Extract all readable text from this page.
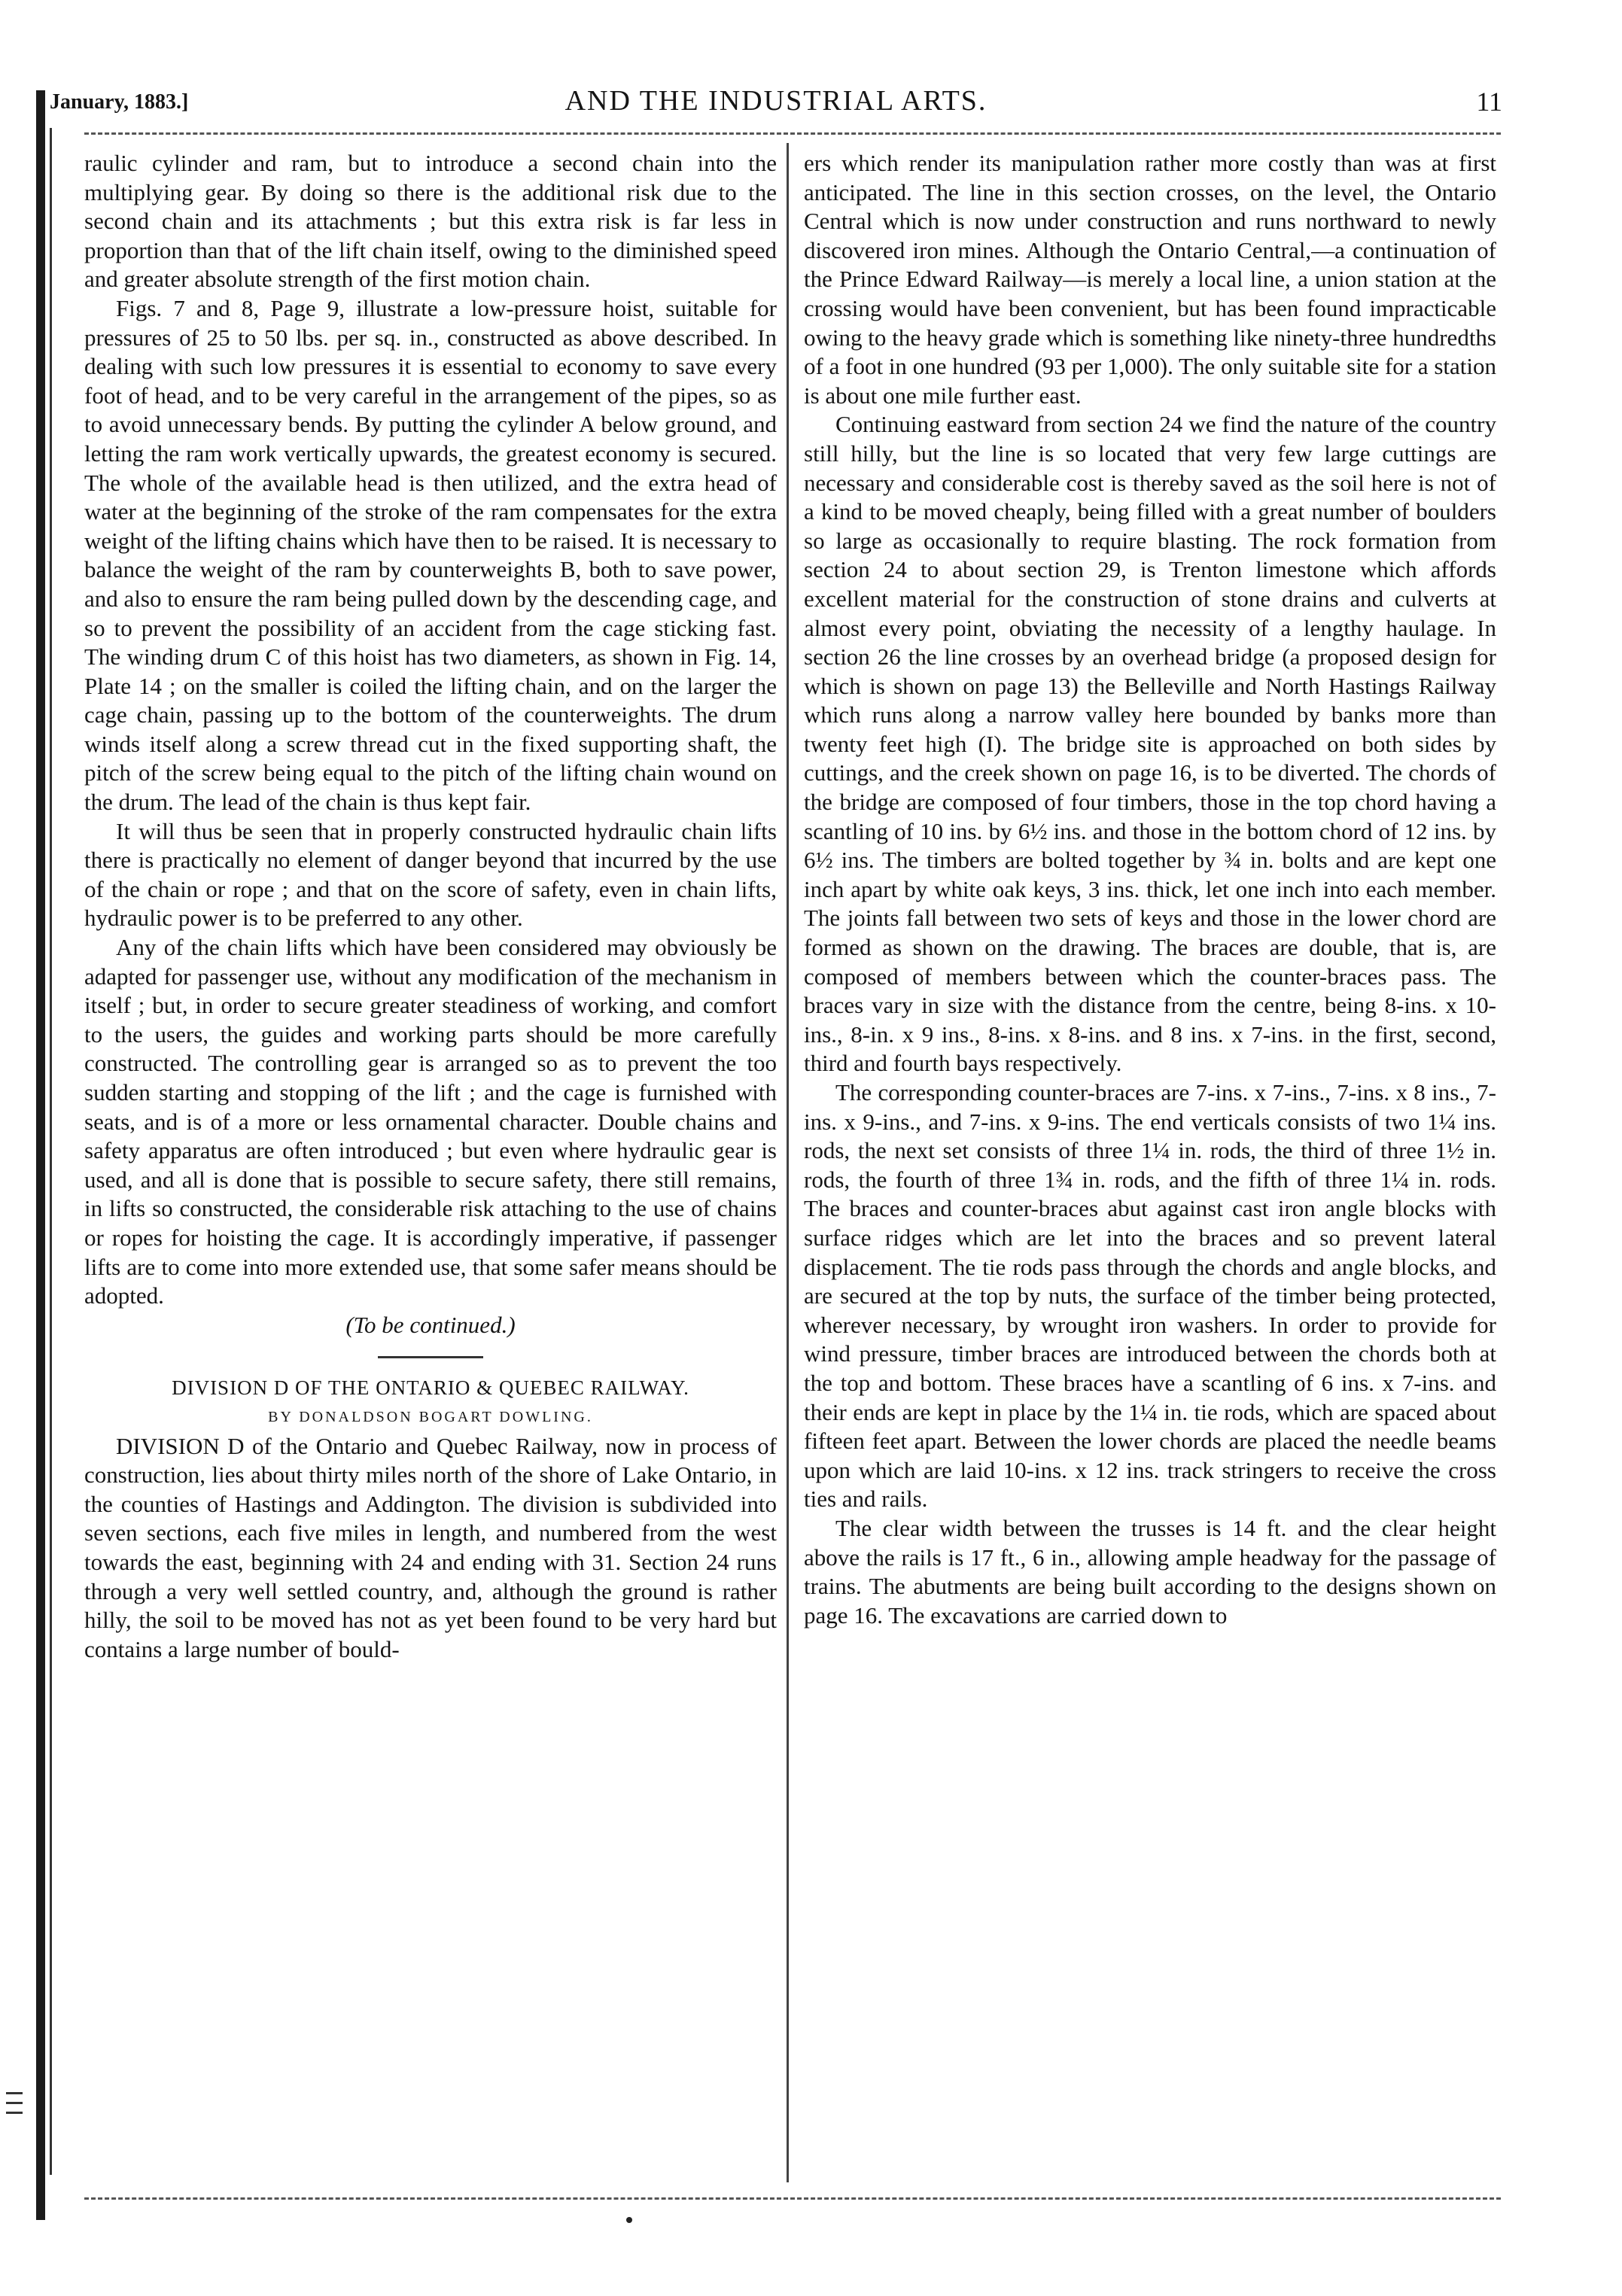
January, 1883.]	AND THE INDUSTRIAL ARTS.	11

raulic cylinder and ram, but to introduce a second chain into the multiplying gear. By doing so there is the additional risk due to the second chain and its attachments ; but this extra risk is far less in proportion than that of the lift chain itself, owing to the diminished speed and greater absolute strength of the first motion chain.

Figs. 7 and 8, Page 9, illustrate a low-pressure hoist, suitable for pressures of 25 to 50 lbs. per sq. in., constructed as above described. In dealing with such low pressures it is essential to economy to save every foot of head, and to be very careful in the arrangement of the pipes, so as to avoid unnecessary bends. By putting the cylinder A below ground, and letting the ram work vertically upwards, the greatest economy is secured. The whole of the available head is then utilized, and the extra head of water at the beginning of the stroke of the ram compensates for the extra weight of the lifting chains which have then to be raised. It is necessary to balance the weight of the ram by counterweights B, both to save power, and also to ensure the ram being pulled down by the descending cage, and so to prevent the possibility of an accident from the cage sticking fast. The winding drum C of this hoist has two diameters, as shown in Fig. 14, Plate 14 ; on the smaller is coiled the lifting chain, and on the larger the cage chain, passing up to the bottom of the counterweights. The drum winds itself along a screw thread cut in the fixed supporting shaft, the pitch of the screw being equal to the pitch of the lifting chain wound on the drum. The lead of the chain is thus kept fair.

It will thus be seen that in properly constructed hydraulic chain lifts there is practically no element of danger beyond that incurred by the use of the chain or rope ; and that on the score of safety, even in chain lifts, hydraulic power is to be preferred to any other.

Any of the chain lifts which have been considered may obviously be adapted for passenger use, without any modification of the mechanism in itself ; but, in order to secure greater steadiness of working, and comfort to the users, the guides and working parts should be more carefully constructed. The controlling gear is arranged so as to prevent the too sudden starting and stopping of the lift ; and the cage is furnished with seats, and is of a more or less ornamental character. Double chains and safety apparatus are often introduced ; but even where hydraulic gear is used, and all is done that is possible to secure safety, there still remains, in lifts so constructed, the considerable risk attaching to the use of chains or ropes for hoisting the cage. It is accordingly imperative, if passenger lifts are to come into more extended use, that some safer means should be adopted.

(To be continued.)

DIVISION D OF THE ONTARIO & QUEBEC RAILWAY.

BY DONALDSON BOGART DOWLING.

DIVISION D of the Ontario and Quebec Railway, now in process of construction, lies about thirty miles north of the shore of Lake Ontario, in the counties of Hastings and Addington. The division is subdivided into seven sections, each five miles in length, and numbered from the west towards the east, beginning with 24 and ending with 31. Section 24 runs through a very well settled country, and, although the ground is rather hilly, the soil to be moved has not as yet been found to be very hard but contains a large number of bould-

ers which render its manipulation rather more costly than was at first anticipated. The line in this section crosses, on the level, the Ontario Central which is now under construction and runs northward to newly discovered iron mines. Although the Ontario Central,—a continuation of the Prince Edward Railway—is merely a local line, a union station at the crossing would have been convenient, but has been found impracticable owing to the heavy grade which is something like ninety-three hundredths of a foot in one hundred (93 per 1,000). The only suitable site for a station is about one mile further east.

Continuing eastward from section 24 we find the nature of the country still hilly, but the line is so located that very few large cuttings are necessary and considerable cost is thereby saved as the soil here is not of a kind to be moved cheaply, being filled with a great number of boulders so large as occasionally to require blasting. The rock formation from section 24 to about section 29, is Trenton limestone which affords excellent material for the construction of stone drains and culverts at almost every point, obviating the necessity of a lengthy haulage. In section 26 the line crosses by an overhead bridge (a proposed design for which is shown on page 13) the Belleville and North Hastings Railway which runs along a narrow valley here bounded by banks more than twenty feet high (I). The bridge site is approached on both sides by cuttings, and the creek shown on page 16, is to be diverted. The chords of the bridge are composed of four timbers, those in the top chord having a scantling of 10 ins. by 6½ ins. and those in the bottom chord of 12 ins. by 6½ ins. The timbers are bolted together by ¾ in. bolts and are kept one inch apart by white oak keys, 3 ins. thick, let one inch into each member. The joints fall between two sets of keys and those in the lower chord are formed as shown on the drawing. The braces are double, that is, are composed of members between which the counter-braces pass. The braces vary in size with the distance from the centre, being 8-ins. x 10-ins., 8-in. x 9 ins., 8-ins. x 8-ins. and 8 ins. x 7-ins. in the first, second, third and fourth bays respectively.

The corresponding counter-braces are 7-ins. x 7-ins., 7-ins. x 8 ins., 7-ins. x 9-ins., and 7-ins. x 9-ins. The end verticals consists of two 1¼ ins. rods, the next set consists of three 1¼ in. rods, the third of three 1½ in. rods, the fourth of three 1¾ in. rods, and the fifth of three 1¼ in. rods. The braces and counter-braces abut against cast iron angle blocks with surface ridges which are let into the braces and so prevent lateral displacement. The tie rods pass through the chords and angle blocks, and are secured at the top by nuts, the surface of the timber being protected, wherever necessary, by wrought iron washers. In order to provide for wind pressure, timber braces are introduced between the chords both at the top and bottom. These braces have a scantling of 6 ins. x 7-ins. and their ends are kept in place by the 1¼ in. tie rods, which are spaced about fifteen feet apart. Between the lower chords are placed the needle beams upon which are laid 10-ins. x 12 ins. track stringers to receive the cross ties and rails.

The clear width between the trusses is 14 ft. and the clear height above the rails is 17 ft., 6 in., allowing ample headway for the passage of trains. The abutments are being built according to the designs shown on page 16. The excavations are carried down to
